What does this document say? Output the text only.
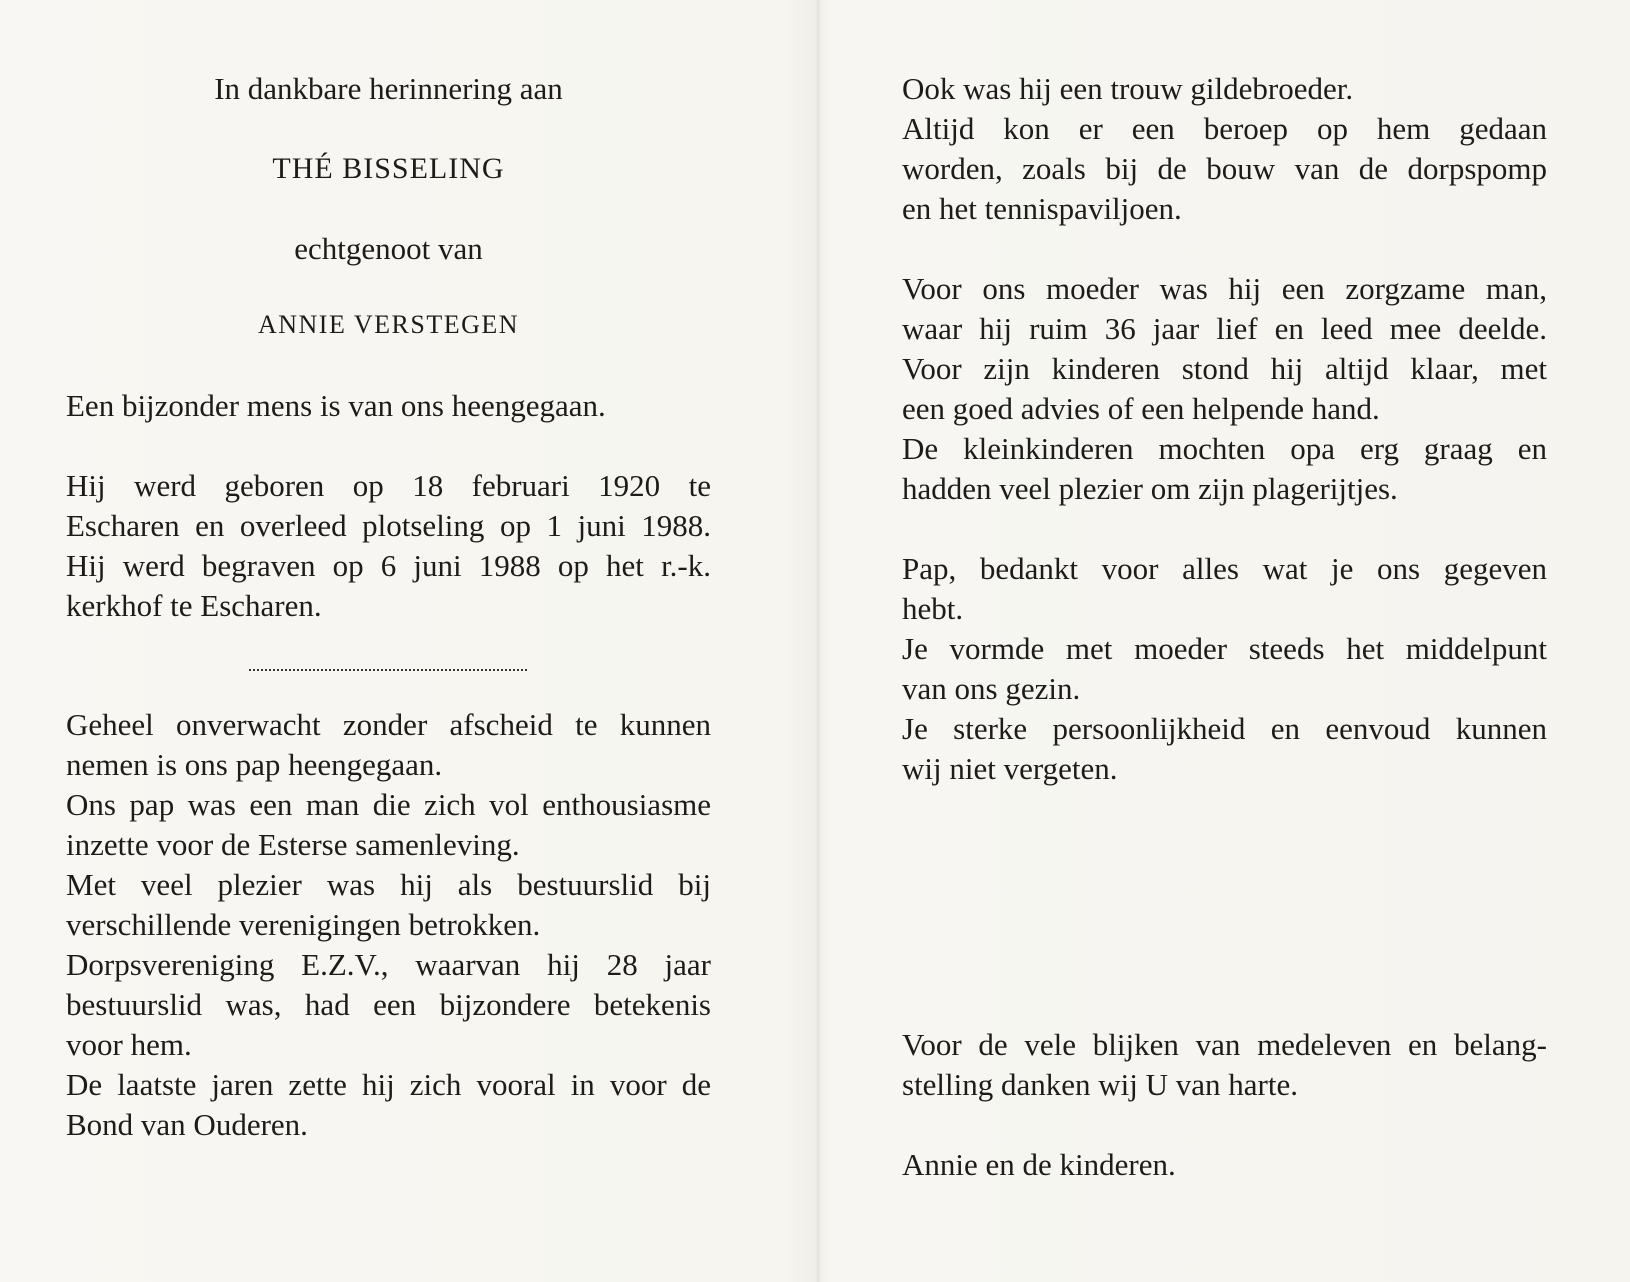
In dankbare herinnering aan
THÉ BISSELING
echtgenoot van
ANNIE VERSTEGEN
Een bijzonder mens is van ons heengegaan.
Hij werd geboren op 18 februari 1920 te
Escharen en overleed plotseling op 1 juni 1988.
Hij werd begraven op 6 juni 1988 op het r.-k.
kerkhof te Escharen.
Geheel onverwacht zonder afscheid te kunnen
nemen is ons pap heengegaan.
Ons pap was een man die zich vol enthousiasme
inzette voor de Esterse samenleving.
Met veel plezier was hij als bestuurslid bij
verschillende verenigingen betrokken.
Dorpsvereniging E.Z.V., waarvan hij 28 jaar
bestuurslid was, had een bijzondere betekenis
voor hem.
De laatste jaren zette hij zich vooral in voor de
Bond van Ouderen.
Ook was hij een trouw gildebroeder.
Altijd kon er een beroep op hem gedaan
worden, zoals bij de bouw van de dorpspomp
en het tennispaviljoen.
Voor ons moeder was hij een zorgzame man,
waar hij ruim 36 jaar lief en leed mee deelde.
Voor zijn kinderen stond hij altijd klaar, met
een goed advies of een helpende hand.
De kleinkinderen mochten opa erg graag en
hadden veel plezier om zijn plagerijtjes.
Pap, bedankt voor alles wat je ons gegeven
hebt.
Je vormde met moeder steeds het middelpunt
van ons gezin.
Je sterke persoonlijkheid en eenvoud kunnen
wij niet vergeten.
Voor de vele blijken van medeleven en belang-
stelling danken wij U van harte.
Annie en de kinderen.
